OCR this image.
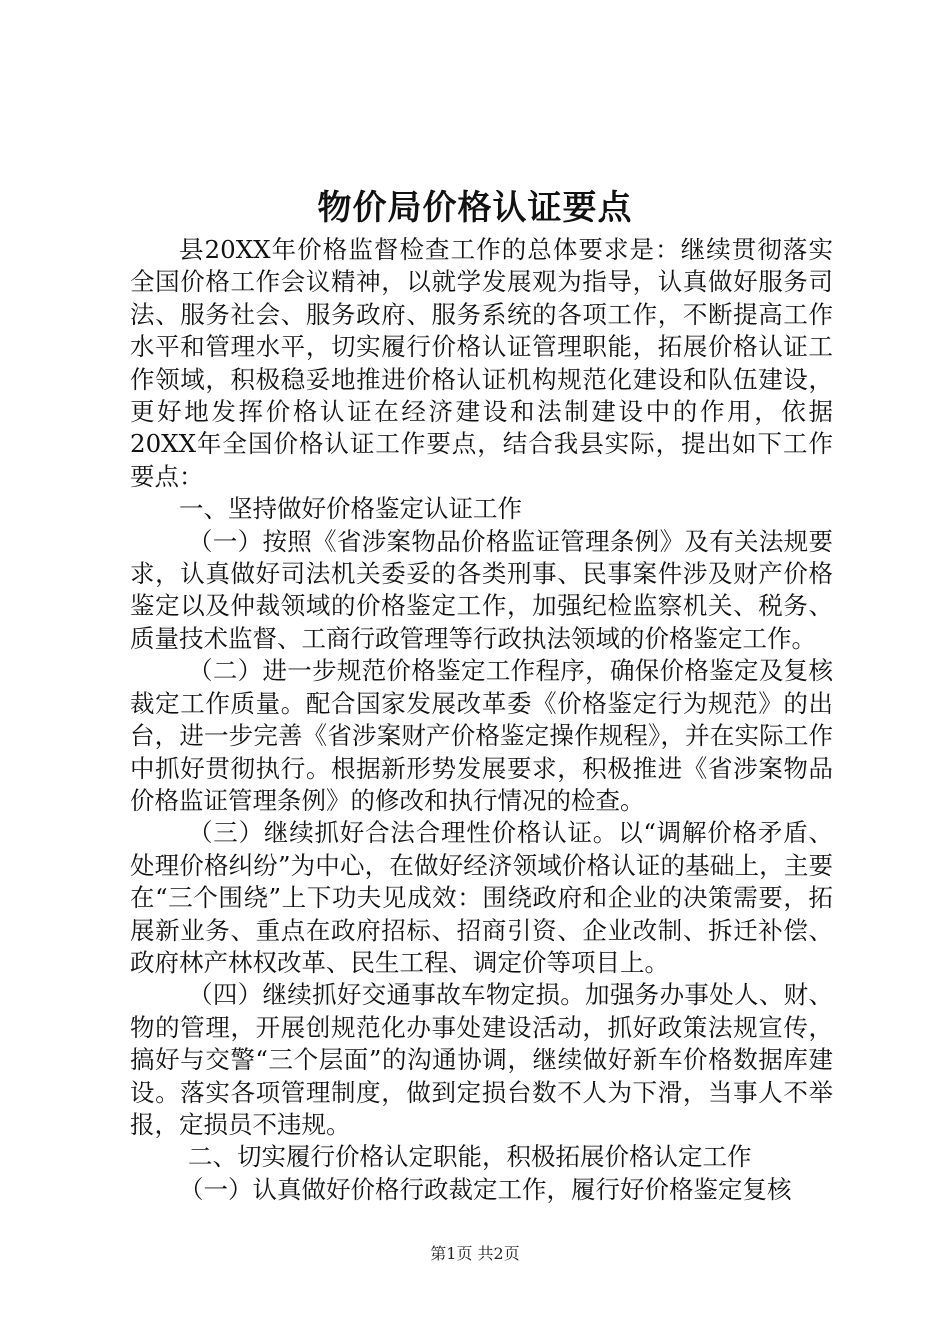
物价局价格认证要点

县20XX年价格监督检查工作的总体要求是：继续贯彻落实全国价格工作会议精神，以就学发展观为指导，认真做好服务司法、服务社会、服务政府、服务系统的各项工作，不断提高工作水平和管理水平，切实履行价格认证管理职能，拓展价格认证工作领域，积极稳妥地推进价格认证机构规范化建设和队伍建设，更好地发挥价格认证在经济建设和法制建设中的作用，依据20XX年全国价格认证工作要点，结合我县实际，提出如下工作要点：

一、坚持做好价格鉴定认证工作

（一）按照《省涉案物品价格监证管理条例》及有关法规要求，认真做好司法机关委妥的各类刑事、民事案件涉及财产价格鉴定以及仲裁领域的价格鉴定工作，加强纪检监察机关、税务、质量技术监督、工商行政管理等行政执法领域的价格鉴定工作。

（二）进一步规范价格鉴定工作程序，确保价格鉴定及复核裁定工作质量。配合国家发展改革委《价格鉴定行为规范》的出台，进一步完善《省涉案财产价格鉴定操作规程》，并在实际工作中抓好贯彻执行。根据新形势发展要求，积极推进《省涉案物品价格监证管理条例》的修改和执行情况的检查。

（三）继续抓好合法合理性价格认证。以“调解价格矛盾、处理价格纠纷”为中心，在做好经济领域价格认证的基础上，主要在“三个围绕”上下功夫见成效：围绕政府和企业的决策需要，拓展新业务、重点在政府招标、招商引资、企业改制、拆迁补偿、政府林产林权改革、民生工程、调定价等项目上。

（四）继续抓好交通事故车物定损。加强务办事处人、财、物的管理，开展创规范化办事处建设活动，抓好政策法规宣传，搞好与交警“三个层面”的沟通协调，继续做好新车价格数据库建设。落实各项管理制度，做到定损台数不人为下滑，当事人不举报，定损员不违规。

二、切实履行价格认定职能，积极拓展价格认定工作

（一）认真做好价格行政裁定工作，履行好价格鉴定复核

第1页 共2页
